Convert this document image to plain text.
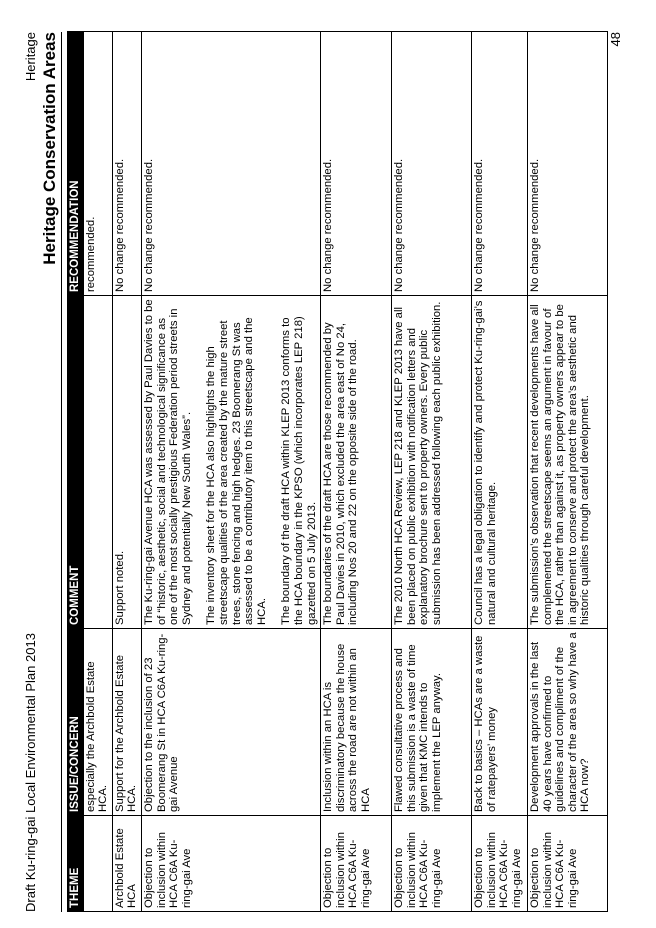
Draft Ku-ring-gai Local Environmental Plan 2013
Heritage Heritage Conservation Areas
THEME	ISSUE/CONCERN	COMMENT	RECOMMENDATION
	especially the Archbold Estate HCA.		recommended.
Archbold Estate HCA	Support for the Archbold Estate HCA.	Support noted.	No change recommended.
Objection to inclusion within HCA C6A Ku-ring-gai Ave	Objection to the inclusion of 23 Boomerang St in HCA C6A Ku-ring-gai Avenue	The Ku-ring-gai Avenue HCA was assessed by Paul Davies to be of “historic, aesthetic, social and technological significance as one of the most socially prestigious Federation period streets in Sydney and potentially New South Wales”. The inventory sheet for the HCA also highlights the high streetscape qualities of the area created by the mature street trees, stone fencing and high hedges. 23 Boomerang St was assessed to be a contributory item to this streetscape and the HCA. The boundary of the draft HCA within KLEP 2013 conforms to the HCA boundary in the KPSO (which incorporates LEP 218) gazetted on 5 July 2013.	No change recommended.
Objection to inclusion within HCA C6A Ku-ring-gai Ave	Inclusion within an HCA is discriminatory because the house across the road are not within an HCA	The boundaries of the draft HCA are those recommended by Paul Davies in 2010, which excluded the area east of No 24, including Nos 20 and 22 on the opposite side of the road.	No change recommended.
Objection to inclusion within HCA C6A Ku-ring-gai Ave	Flawed consultative process and this submission is a waste of time given that KMC intends to implement the LEP anyway.	The 2010 North HCA Review, LEP 218 and KLEP 2013 have all been placed on public exhibition with notification letters and explanatory brochure sent to property owners. Every public submission has been addressed following each public exhibition.	No change recommended.
Objection to inclusion within HCA C6A Ku-ring-gai Ave	Back to basics – HCAs are a waste of ratepayers’ money	Council has a legal obligation to identify and protect Ku-ring-gai’s natural and cultural heritage.	No change recommended.
Objection to inclusion within HCA C6A Ku-ring-gai Ave	Development approvals in the last 40 years have confirmed to guidelines and compliment of the character of the area so why have a HCA now?	The submission’s observation that recent developments have all complemented the streetscape seems an argument in favour of the HCA, rather than against it, as property owners appear to be in agreement to conserve and protect the area’s aesthetic and historic qualities through careful development.	No change recommended.
48
